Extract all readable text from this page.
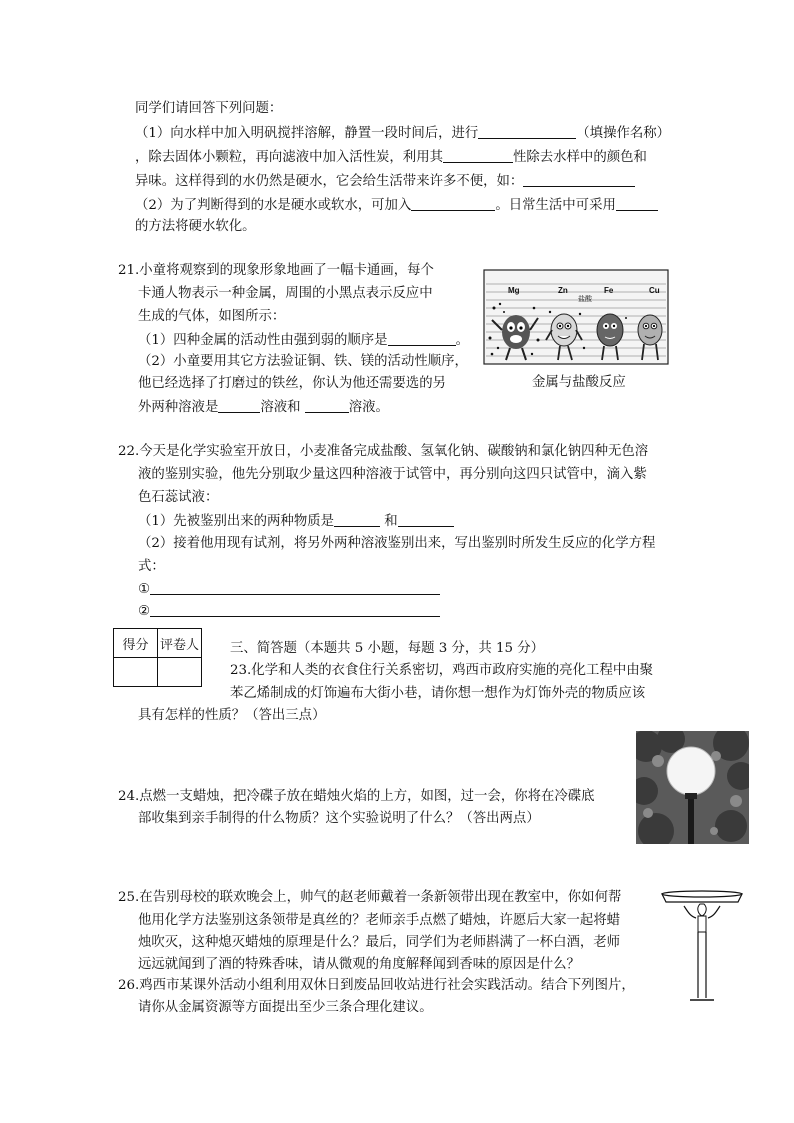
同学们请回答下列问题：
（1）向水样中加入明矾搅拌溶解，静置一段时间后，进行	（填操作名称）
，除去固体小颗粒，再向滤液中加入活性炭，利用其	性除去水样中的颜色和
异味。这样得到的水仍然是硬水，它会给生活带来许多不便，如：
（2）为了判断得到的水是硬水或软水，可加入	。日常生活中可采用
的方法将硬水软化。
21.小童将观察到的现象形象地画了一幅卡通画，每个
卡通人物表示一种金属，周围的小黑点表示反应中
生成的气体，如图所示：
（1）四种金属的活动性由强到弱的顺序是	。
（2）小童要用其它方法验证铜、铁、镁的活动性顺序，
他已经选择了打磨过的铁丝，你认为他还需要选的另
外两种溶液是	溶液和	溶液。
Mg	Zn	Fe	Cu
盐酸
金属与盐酸反应
22.今天是化学实验室开放日，小麦准备完成盐酸、氢氧化钠、碳酸钠和氯化钠四种无色溶
液的鉴别实验，他先分别取少量这四种溶液于试管中，再分别向这四只试管中，滴入紫
色石蕊试液：
（1）先被鉴别出来的两种物质是	和
（2）接着他用现有试剂，将另外两种溶液鉴别出来，写出鉴别时所发生反应的化学方程
式：
①
②
得分	评卷人
	三、简答题（本题共 5 小题，每题 3 分，共 15 分）
23.化学和人类的衣食住行关系密切，鸡西市政府实施的亮化工程中由聚
苯乙烯制成的灯饰遍布大街小巷，请你想一想作为灯饰外壳的物质应该
具有怎样的性质？（答出三点）
24.点燃一支蜡烛，把冷碟子放在蜡烛火焰的上方，如图，过一会，你将在冷碟底
部收集到亲手制得的什么物质？这个实验说明了什么？（答出两点）
25.在告别母校的联欢晚会上，帅气的赵老师戴着一条新领带出现在教室中，你如何帮
他用化学方法鉴别这条领带是真丝的？老师亲手点燃了蜡烛，许愿后大家一起将蜡
烛吹灭，这种熄灭蜡烛的原理是什么？最后，同学们为老师斟满了一杯白酒，老师
远远就闻到了酒的特殊香味，请从微观的角度解释闻到香味的原因是什么？
26.鸡西市某课外活动小组利用双休日到废品回收站进行社会实践活动。结合下列图片，
请你从金属资源等方面提出至少三条合理化建议。
